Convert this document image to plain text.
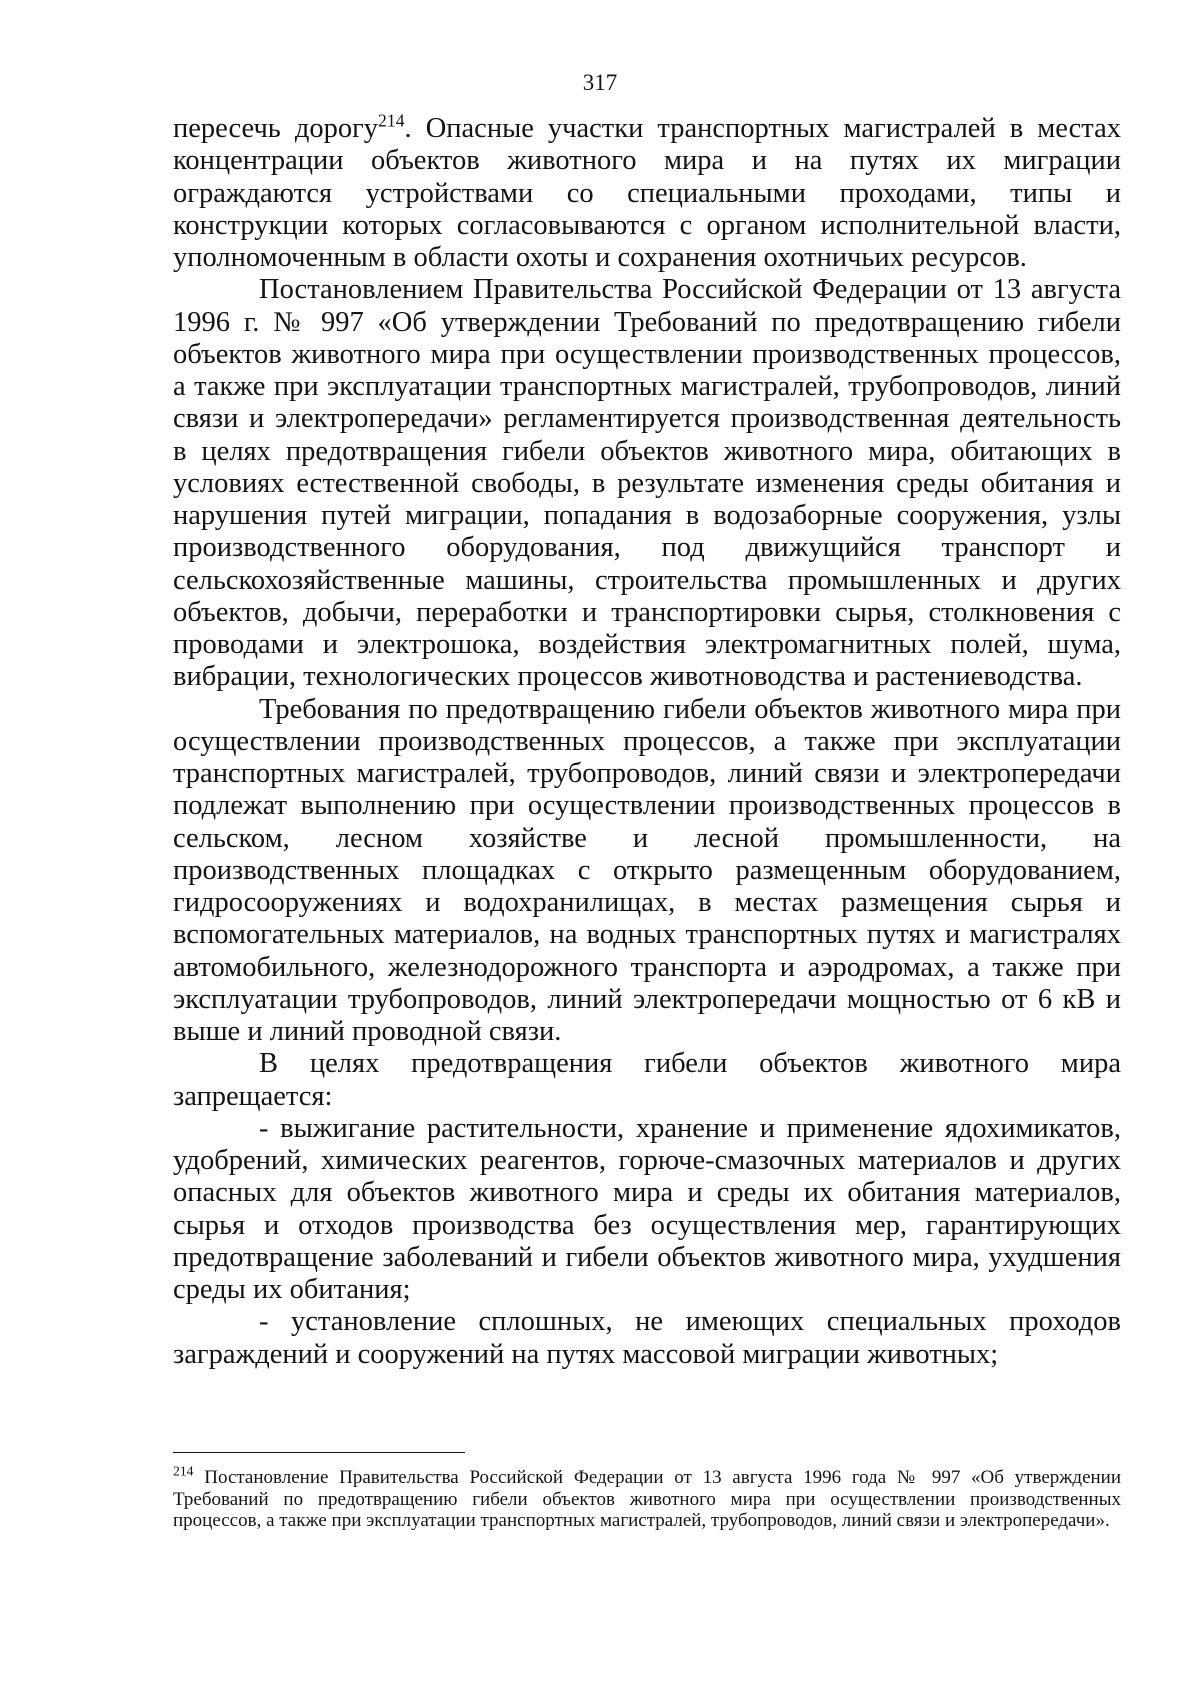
317

пересечь дорогу$^{214}$. Опасные участки транспортных магистралей в местах концентрации объектов животного мира и на путях их миграции ограждаются устройствами со специальными проходами, типы и конструкции которых согласовываются с органом исполнительной власти, уполномоченным в области охоты и сохранения охотничьих ресурсов.

Постановлением Правительства Российской Федерации от 13 августа 1996 г. № 997 «Об утверждении Требований по предотвращению гибели объектов животного мира при осуществлении производственных процессов, а также при эксплуатации транспортных магистралей, трубопроводов, линий связи и электропередачи» регламентируется производственная деятельность в целях предотвращения гибели объектов животного мира, обитающих в условиях естественной свободы, в результате изменения среды обитания и нарушения путей миграции, попадания в водозаборные сооружения, узлы производственного оборудования, под движущийся транспорт и сельскохозяйственные машины, строительства промышленных и других объектов, добычи, переработки и транспортировки сырья, столкновения с проводами и электрошока, воздействия электромагнитных полей, шума, вибрации, технологических процессов животноводства и растениеводства.

Требования по предотвращению гибели объектов животного мира при осуществлении производственных процессов, а также при эксплуатации транспортных магистралей, трубопроводов, линий связи и электропередачи подлежат выполнению при осуществлении производственных процессов в сельском, лесном хозяйстве и лесной промышленности, на производственных площадках с открыто размещенным оборудованием, гидросооружениях и водохранилищах, в местах размещения сырья и вспомогательных материалов, на водных транспортных путях и магистралях автомобильного, железнодорожного транспорта и аэродромах, а также при эксплуатации трубопроводов, линий электропередачи мощностью от 6 кВ и выше и линий проводной связи.

В целях предотвращения гибели объектов животного мира запрещается:

- выжигание растительности, хранение и применение ядохимикатов, удобрений, химических реагентов, горюче-смазочных материалов и других опасных для объектов животного мира и среды их обитания материалов, сырья и отходов производства без осуществления мер, гарантирующих предотвращение заболеваний и гибели объектов животного мира, ухудшения среды их обитания;

- установление сплошных, не имеющих специальных проходов заграждений и сооружений на путях массовой миграции животных;

$^{214}$ Постановление Правительства Российской Федерации от 13 августа 1996 года № 997 «Об утверждении Требований по предотвращению гибели объектов животного мира при осуществлении производственных процессов, а также при эксплуатации транспортных магистралей, трубопроводов, линий связи и электропередачи».
